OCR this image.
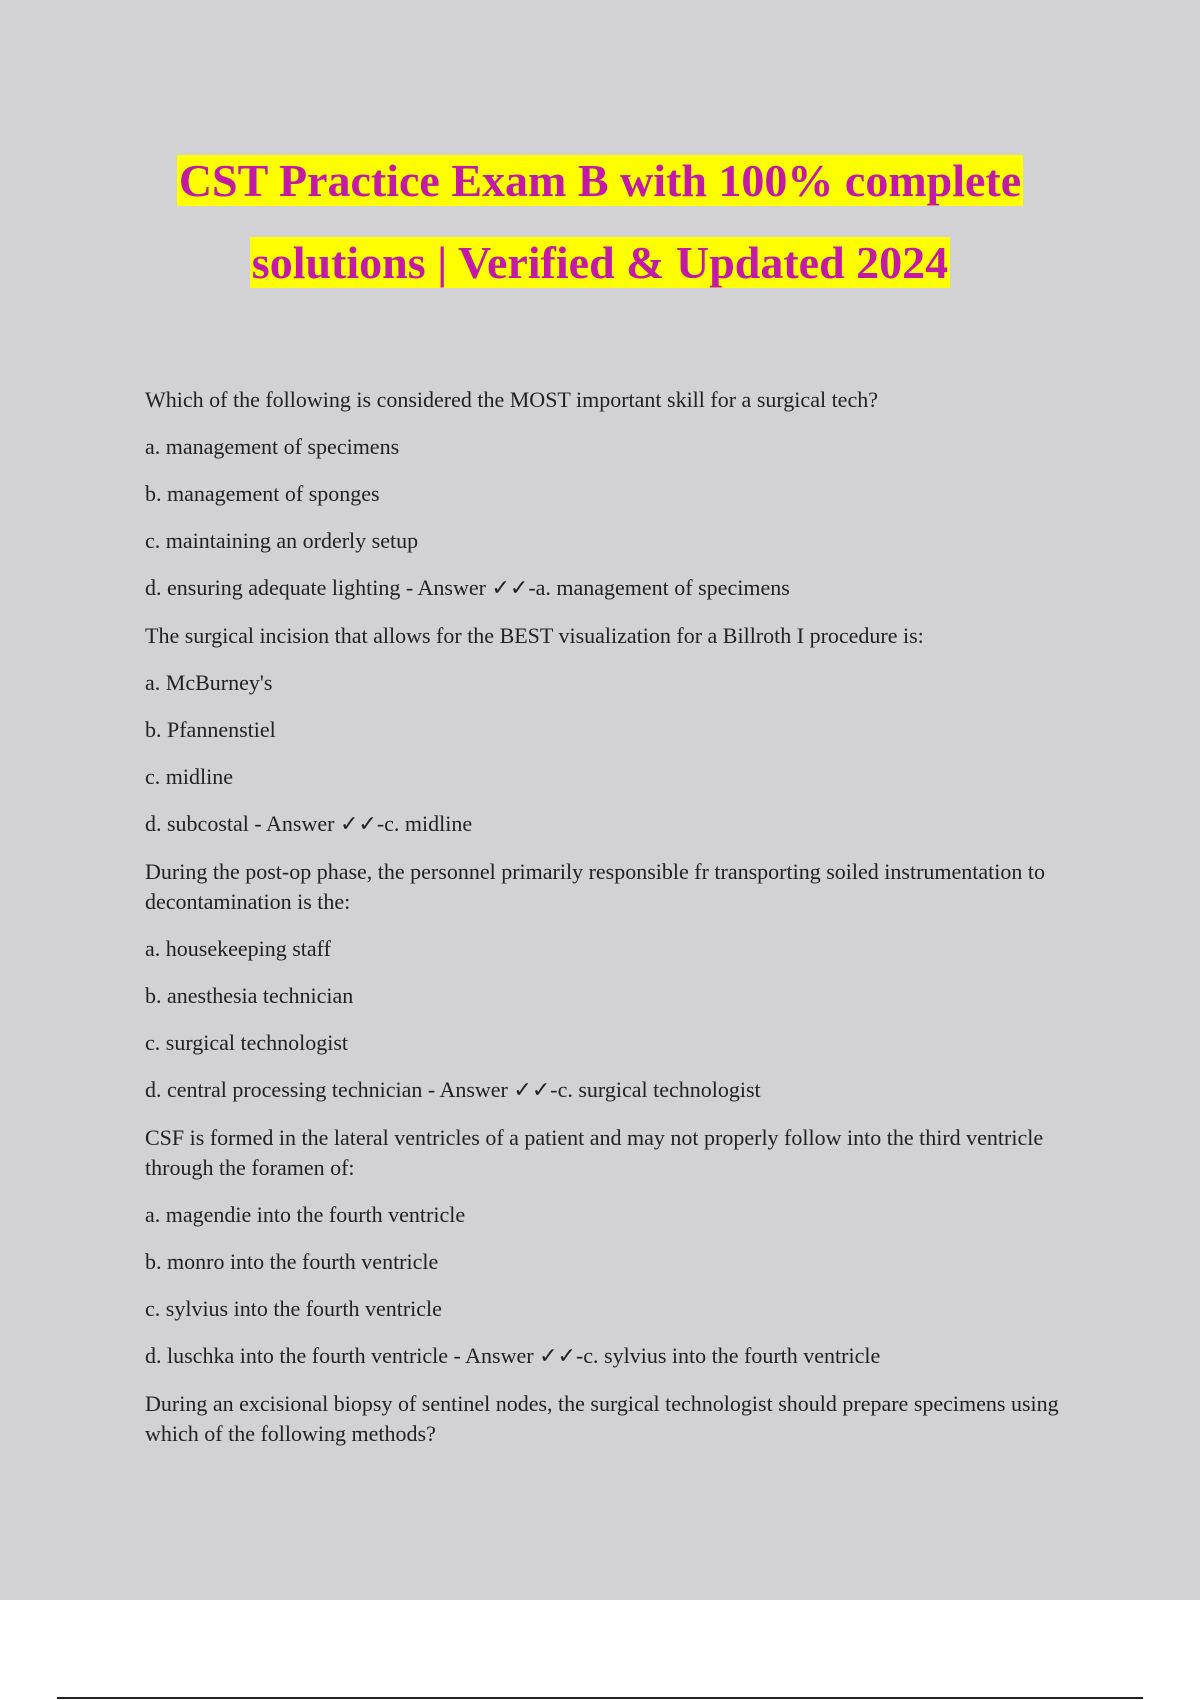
CST Practice Exam B with 100% complete
solutions | Verified & Updated 2024

Which of the following is considered the MOST important skill for a surgical tech?

a. management of specimens

b. management of sponges

c. maintaining an orderly setup

d. ensuring adequate lighting - Answer ✓✓-a. management of specimens

The surgical incision that allows for the BEST visualization for a Billroth I procedure is:

a. McBurney's

b. Pfannenstiel

c. midline

d. subcostal - Answer ✓✓-c. midline

During the post-op phase, the personnel primarily responsible fr transporting soiled instrumentation to decontamination is the:

a. housekeeping staff

b. anesthesia technician

c. surgical technologist

d. central processing technician - Answer ✓✓-c. surgical technologist

CSF is formed in the lateral ventricles of a patient and may not properly follow into the third ventricle through the foramen of:

a. magendie into the fourth ventricle

b. monro into the fourth ventricle

c. sylvius into the fourth ventricle

d. luschka into the fourth ventricle - Answer ✓✓-c. sylvius into the fourth ventricle

During an excisional biopsy of sentinel nodes, the surgical technologist should prepare specimens using which of the following methods?
